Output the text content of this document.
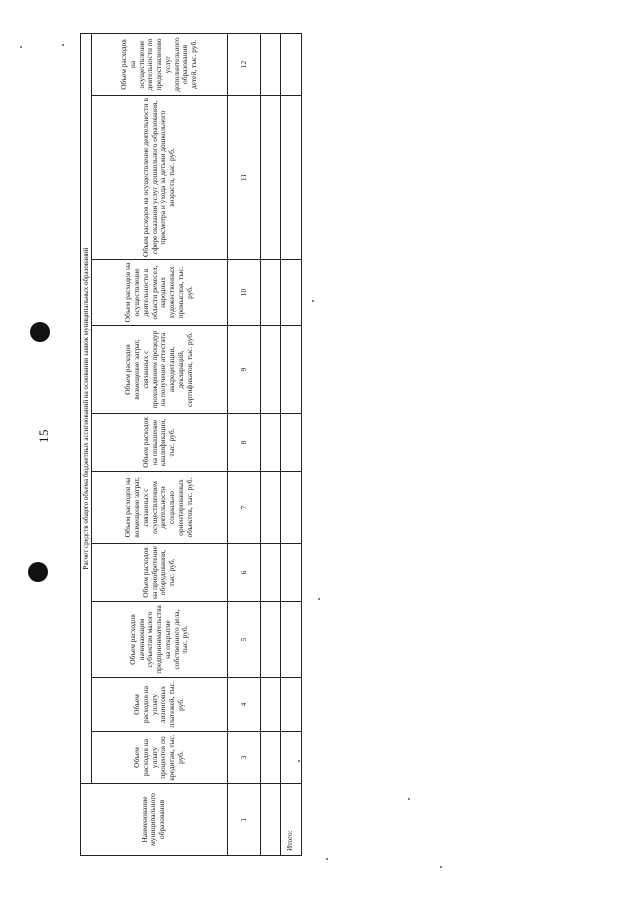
15
Наименование муниципального образования	Расчет средств общего объема бюджетных ассигнований на основании заявок муниципальных образований									
	Объем расходов на уплату процентов по кредитам, тыс. руб.	Объем расходов на уплату лизинговых платежей, тыс. руб.	Объем расходов начинающим субъектам малого предпринимательства на открытие собственного дела, тыс. руб.	Объем расходов на приобретение оборудования, тыс. руб.	Объем расходов на возмещение затрат, связанных с осуществлением деятельности социально ориентированных объектов, тыс. руб.	Объем расходов на повышение квалификации, тыс. руб.	Объем расходов возмещение затрат, связанных с прохождением процедур на получение аттестата аккредитации, деклараций, сертификатов, тыс. руб.	Объем расходов на осуществление деятельности в области ремесел, народных художественных промыслов, тыс. руб.	Объем расходов на осуществление деятельности в сфере оказания услуг дошкольного образования, присмотра и ухода за детьми дошкольного возраста, тыс. руб.	Объем расходов на осуществление деятельности по предоставлению услуг дополнительного образования детей, тыс. руб.
1	3	4	5	6	7	8	9	10	11	12

Итого:										
